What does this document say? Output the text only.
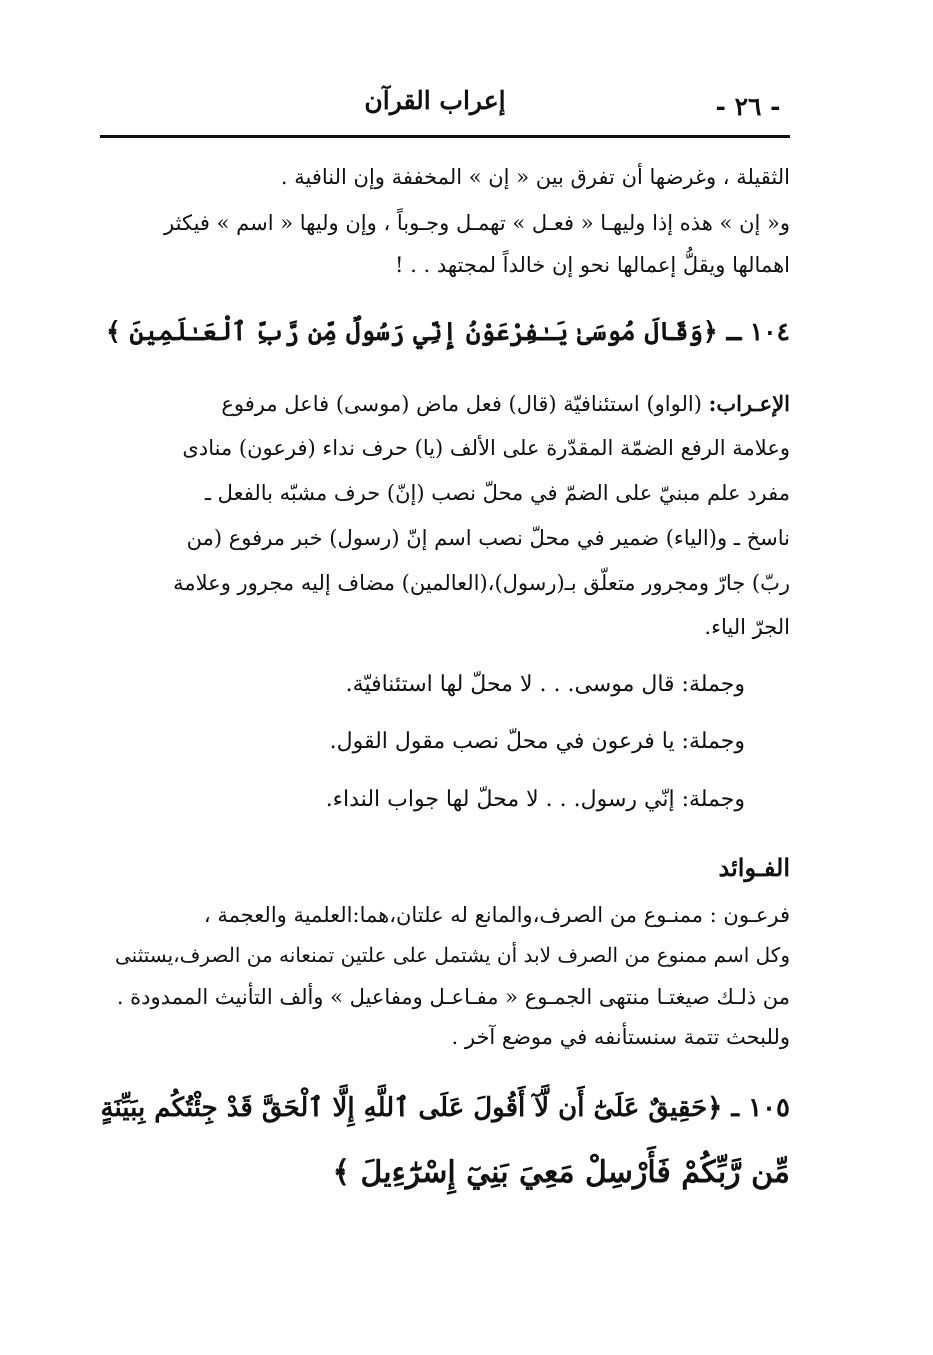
إعراب القرآن	- ٢٦ -
الثقيلة ، وغرضها أن تفرق بين « إن » المخففة وإن النافية .
و« إن » هذه إذا وليهـا « فعـل » تهمـل وجـوباً ، وإن وليها « اسم » فيكثر
اهمالها ويقلُّ إعمالها نحو إن خالداً لمجتهد . . !
١٠٤ ـ ﴿وَقَالَ مُوسَىٰ يَـٰفِرْعَوْنُ إِنِّي رَسُولٌ مِّن رَّبِّ ٱلْعَـٰلَمِينَ ﴾
الإعـراب: (الواو) استئنافيّة (قال) فعل ماض (موسى) فاعل مرفوع
وعلامة الرفع الضمّة المقدّرة على الألف (يا) حرف نداء (فرعون) منادى
مفرد علم مبنيّ على الضمّ في محلّ نصب (إنّ) حرف مشبّه بالفعل ـ
ناسخ ـ و(الياء) ضمير في محلّ نصب اسم إنّ (رسول) خبر مرفوع (من
ربّ) جارّ ومجرور متعلّق بـ(رسول)،(العالمين) مضاف إليه مجرور وعلامة
الجرّ الياء.
وجملة: قال موسى. . . لا محلّ لها استئنافيّة.
وجملة: يا فرعون في محلّ نصب مقول القول.
وجملة: إنّي رسول. . . لا محلّ لها جواب النداء.
الفـوائد
فرعـون : ممنـوع من الصرف،والمانع له علتان،هما:العلمية والعجمة ،
وكل اسم ممنوع من الصرف لابد أن يشتمل على علتين تمنعانه من الصرف،يستثنى
من ذلـك صيغتـا منتهى الجمـوع « مفـاعـل ومفاعيل » وألف التأنيث الممدودة .
وللبحث تتمة سنستأنفه في موضع آخر .
١٠٥ ـ ﴿حَقِيقٌ عَلَىٰٓ أَن لَّآ أَقُولَ عَلَى ٱللَّهِ إِلَّا ٱلْحَقَّ قَدْ جِئْتُكُم بِبَيِّنَةٍ
مِّن رَّبِّكُمْ فَأَرْسِلْ مَعِيَ بَنِيٓ إِسْرَٰٓءِيلَ ﴾
